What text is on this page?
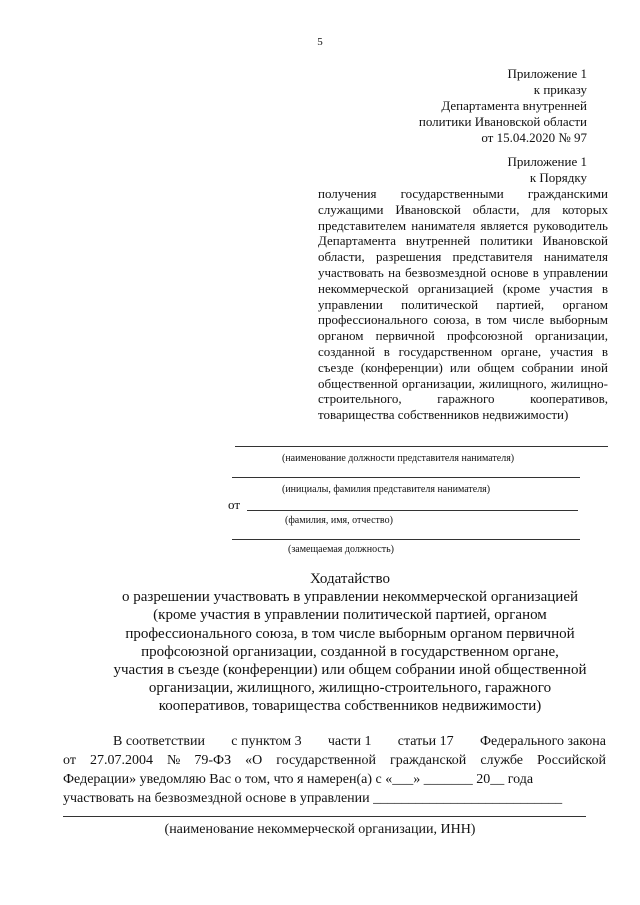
5
Приложение 1
к приказу
Департамента внутренней
политики Ивановской области
от 15.04.2020 № 97
Приложение 1
к Порядку
получения государственными гражданскими
служащими Ивановской области, для которых
представителем нанимателя является руководитель
Департамента внутренней политики Ивановской
области, разрешения представителя нанимателя
участвовать на безвозмездной основе в управлении
некоммерческой организацией (кроме участия в
управлении политической партией, органом
профессионального союза, в том числе выборным
органом первичной профсоюзной организации,
созданной в государственном органе, участия в
съезде (конференции) или общем собрании иной
общественной организации, жилищного, жилищно-
строительного, гаражного кооперативов,
товарищества собственников недвижимости)
(наименование должности представителя нанимателя)
(инициалы, фамилия представителя нанимателя)
от
(фамилия, имя, отчество)
(замещаемая должность)
Ходатайство
о разрешении участвовать в управлении некоммерческой организацией
(кроме участия в управлении политической партией, органом
профессионального союза, в том числе выборным органом первичной
профсоюзной организации, созданной в государственном органе,
участия в съезде (конференции) или общем собрании иной общественной
организации, жилищного, жилищно-строительного, гаражного
кооперативов, товарищества собственников недвижимости)
В соответствии с пунктом 3 части 1 статьи 17 Федерального закона
от 27.07.2004 № 79-ФЗ «О государственной гражданской службе Российской
Федерации» уведомляю Вас о том, что я намерен(а) с «___» _______ 20__ года
участвовать на безвозмездной основе в управлении ___________________________
(наименование некоммерческой организации, ИНН)
